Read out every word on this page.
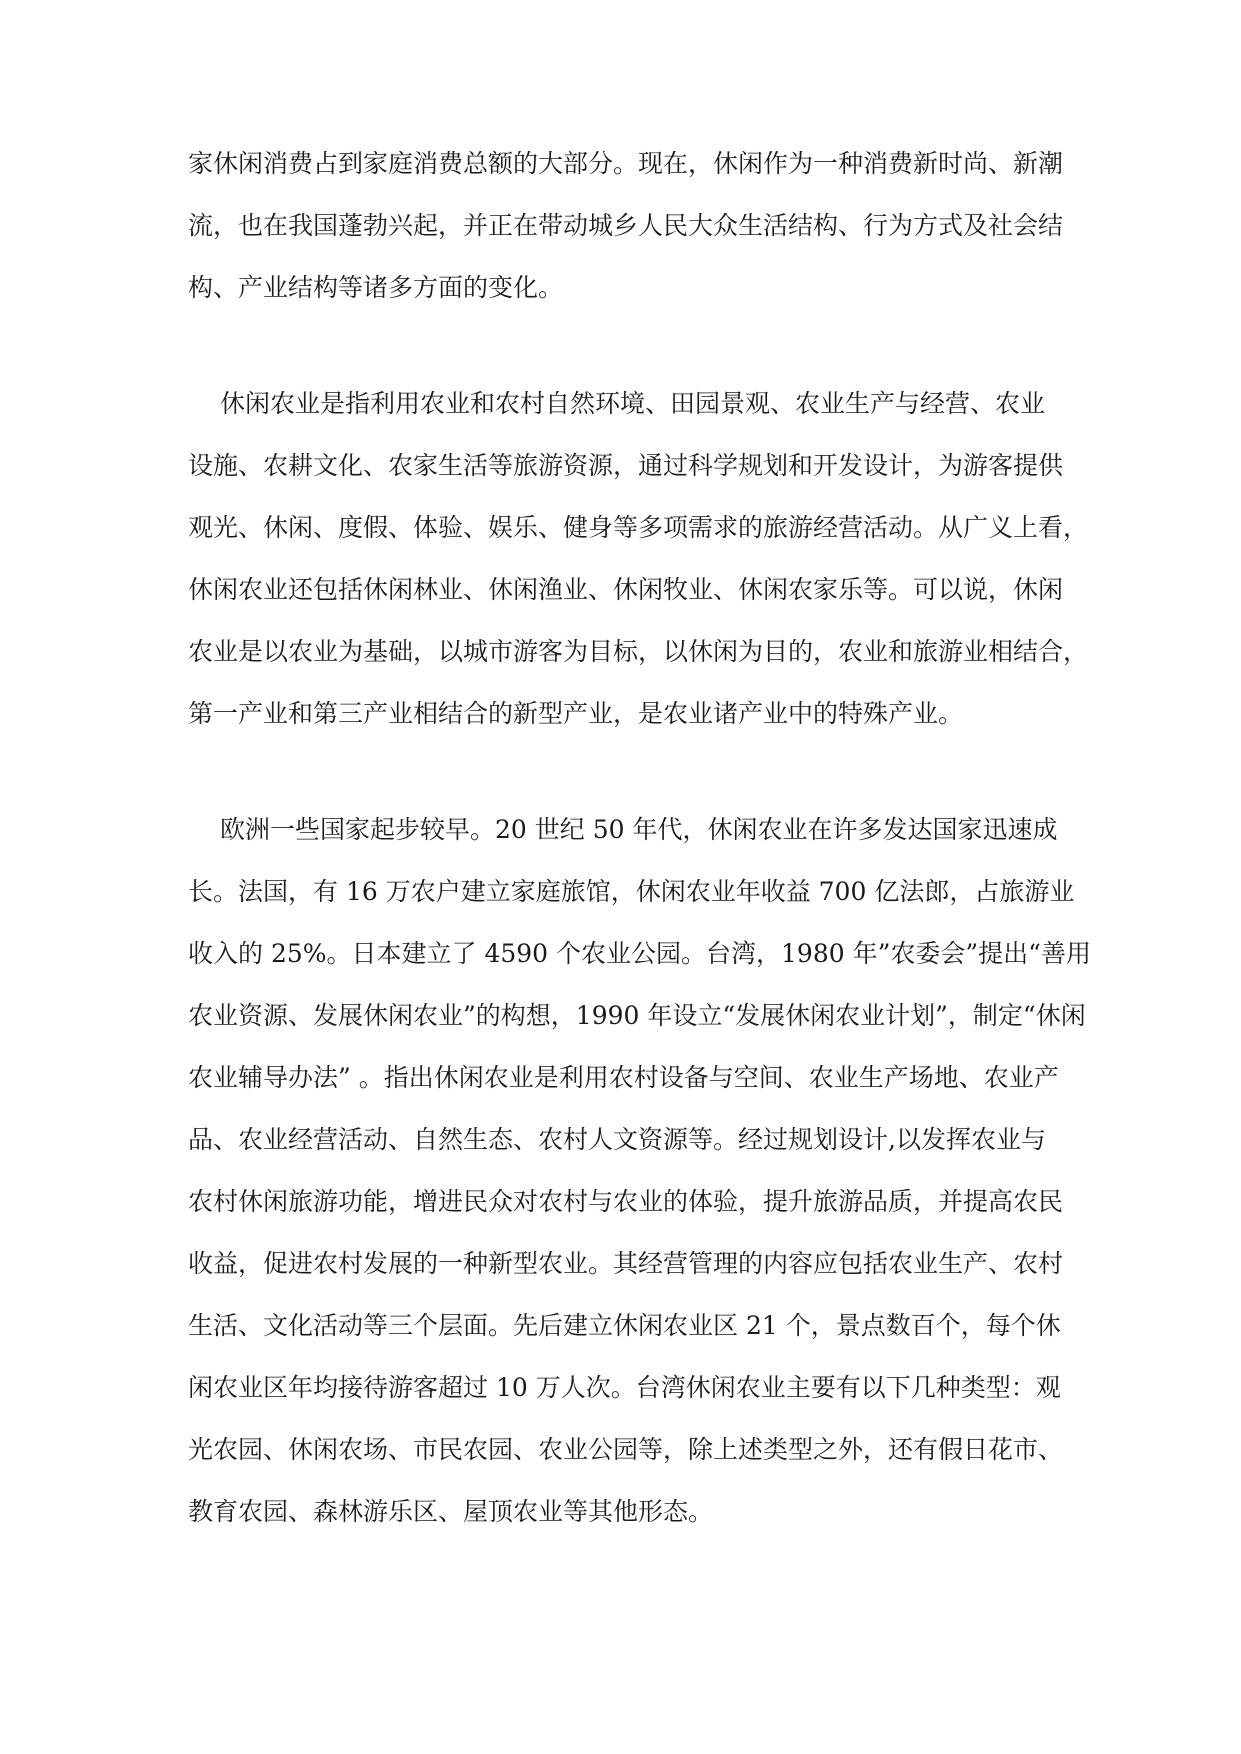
家休闲消费占到家庭消费总额的大部分。现在，休闲作为一种消费新时尚、新潮
流，也在我国蓬勃兴起，并正在带动城乡人民大众生活结构、行为方式及社会结
构、产业结构等诸多方面的变化。
休闲农业是指利用农业和农村自然环境、田园景观、农业生产与经营、农业
设施、农耕文化、农家生活等旅游资源，通过科学规划和开发设计，为游客提供
观光、休闲、度假、体验、娱乐、健身等多项需求的旅游经营活动。从广义上看，
休闲农业还包括休闲林业、休闲渔业、休闲牧业、休闲农家乐等。可以说，休闲
农业是以农业为基础，以城市游客为目标，以休闲为目的，农业和旅游业相结合，
第一产业和第三产业相结合的新型产业，是农业诸产业中的特殊产业。
欧洲一些国家起步较早。20 世纪 50 年代，休闲农业在许多发达国家迅速成
长。法国，有 16 万农户建立家庭旅馆，休闲农业年收益 700 亿法郎，占旅游业
收入的 25%。日本建立了 4590 个农业公园。台湾，1980 年”农委会”提出“善用
农业资源、发展休闲农业”的构想，1990 年设立“发展休闲农业计划”，制定“休闲
农业辅导办法” 。指出休闲农业是利用农村设备与空间、农业生产场地、农业产
品、农业经营活动、自然生态、农村人文资源等。经过规划设计,以发挥农业与
农村休闲旅游功能，增进民众对农村与农业的体验，提升旅游品质，并提高农民
收益，促进农村发展的一种新型农业。其经营管理的内容应包括农业生产、农村
生活、文化活动等三个层面。先后建立休闲农业区 21 个，景点数百个，每个休
闲农业区年均接待游客超过 10 万人次。台湾休闲农业主要有以下几种类型：观
光农园、休闲农场、市民农园、农业公园等，除上述类型之外，还有假日花市、
教育农园、森林游乐区、屋顶农业等其他形态。
